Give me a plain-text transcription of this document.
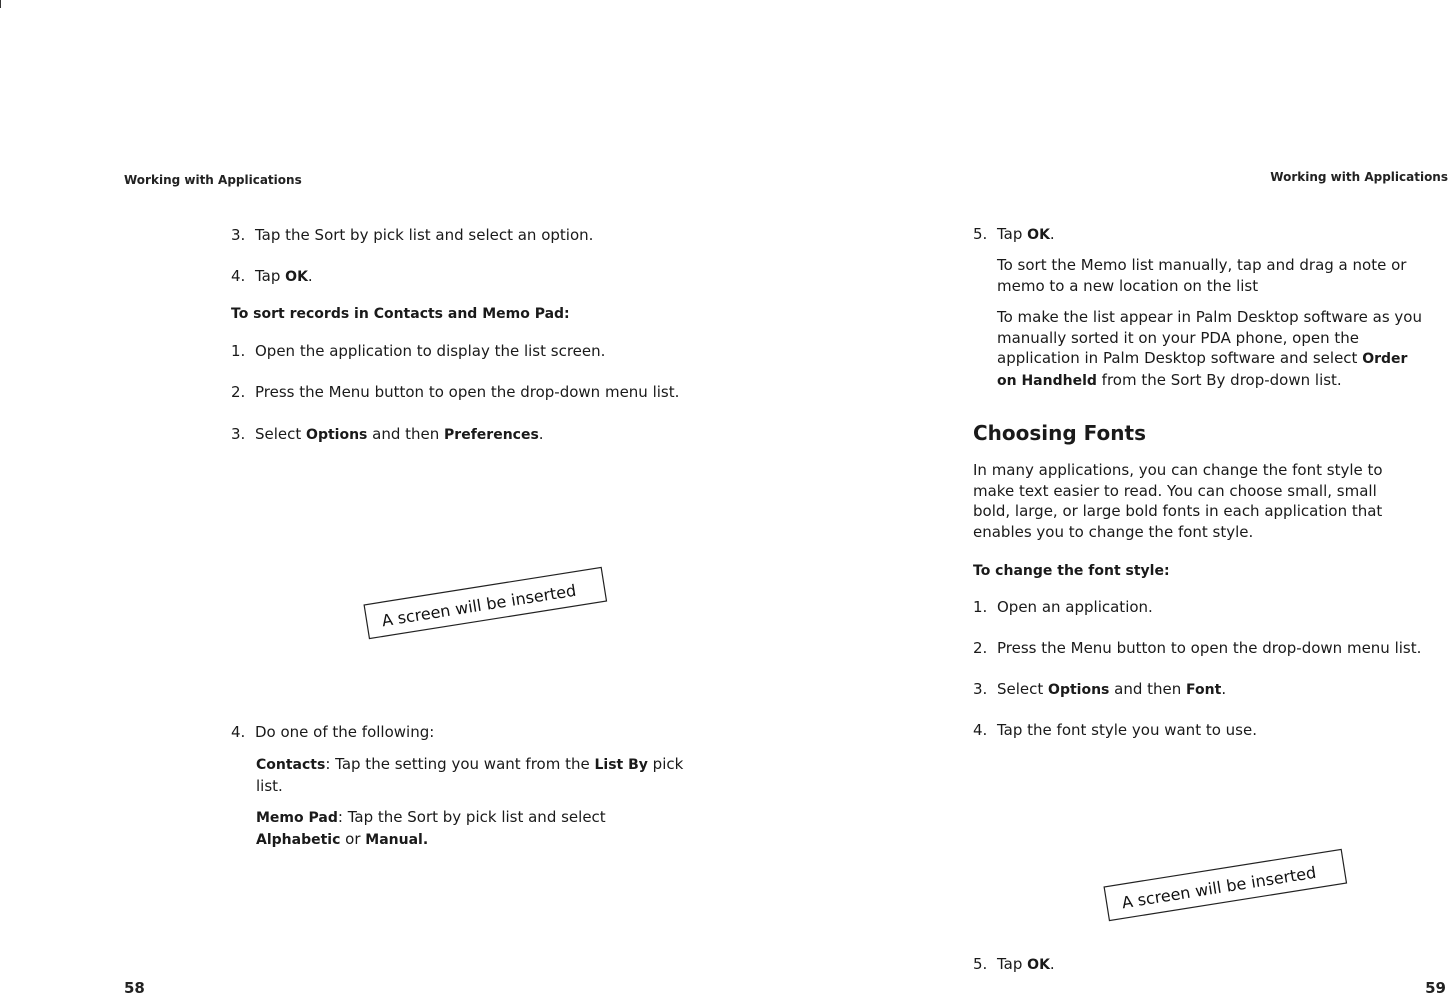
Working with Applications
3. Tap the Sort by pick list and select an option.
4. Tap OK.
To sort records in Contacts and Memo Pad:
1. Open the application to display the list screen.
2. Press the Menu button to open the drop-down menu list.
3. Select Options and then Preferences.
A screen will be inserted
4. Do one of the following:
Contacts: Tap the setting you want from the List By pick
list.
Memo Pad: Tap the Sort by pick list and select
Alphabetic or Manual.
58
Working with Applications
5. Tap OK.
To sort the Memo list manually, tap and drag a note or
memo to a new location on the list
To make the list appear in Palm Desktop software as you
manually sorted it on your PDA phone, open the
application in Palm Desktop software and select Order
on Handheld from the Sort By drop-down list.
Choosing Fonts
In many applications, you can change the font style to
make text easier to read. You can choose small, small
bold, large, or large bold fonts in each application that
enables you to change the font style.
To change the font style:
1. Open an application.
2. Press the Menu button to open the drop-down menu list.
3. Select Options and then Font.
4. Tap the font style you want to use.
A screen will be inserted
5. Tap OK.
59
